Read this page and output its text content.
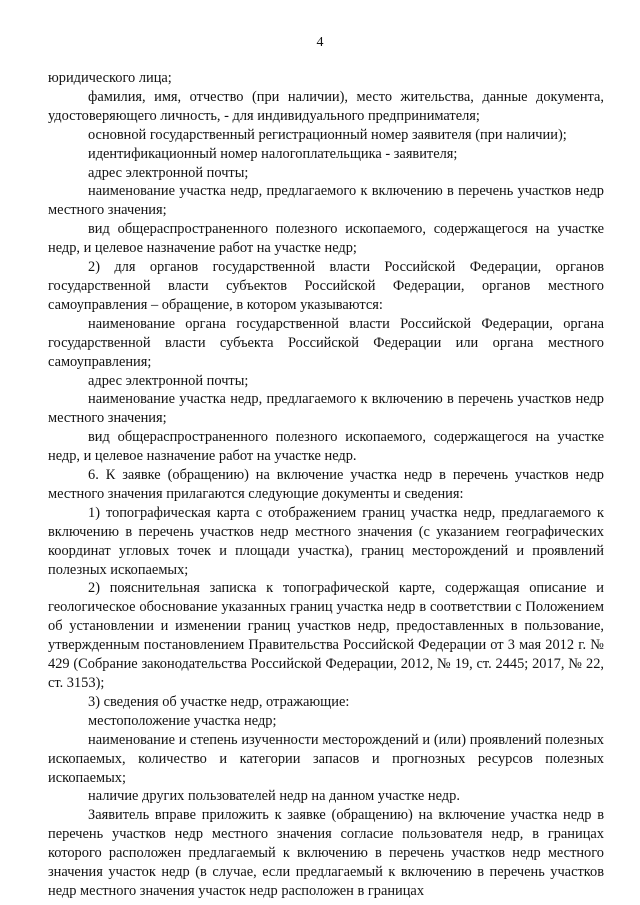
4

юридического лица;

фамилия, имя, отчество (при наличии), место жительства, данные документа, удостоверяющего личность, - для индивидуального предпринимателя;

основной государственный регистрационный номер заявителя (при наличии);

идентификационный номер налогоплательщика - заявителя;

адрес электронной почты;

наименование участка недр, предлагаемого к включению в перечень участков недр местного значения;

вид общераспространенного полезного ископаемого, содержащегося на участке недр, и целевое назначение работ на участке недр;

2) для органов государственной власти Российской Федерации, органов государственной власти субъектов Российской Федерации, органов местного самоуправления – обращение, в котором указываются:

наименование органа государственной власти Российской Федерации, органа государственной власти субъекта Российской Федерации или органа местного самоуправления;

адрес электронной почты;

наименование участка недр, предлагаемого к включению в перечень участков недр местного значения;

вид общераспространенного полезного ископаемого, содержащегося на участке недр, и целевое назначение работ на участке недр.

6. К заявке (обращению) на включение участка недр в перечень участков недр местного значения прилагаются следующие документы и сведения:

1) топографическая карта с отображением границ участка недр, предлагаемого к включению в перечень участков недр местного значения (с указанием географических координат угловых точек и площади участка), границ месторождений и проявлений полезных ископаемых;

2) пояснительная записка к топографической карте, содержащая описание и геологическое обоснование указанных границ участка недр в соответствии с Положением об установлении и изменении границ участков недр, предоставленных в пользование, утвержденным постановлением Правительства Российской Федерации от 3 мая 2012 г. № 429 (Собрание законодательства Российской Федерации, 2012, № 19, ст. 2445; 2017, № 22, ст. 3153);

3) сведения об участке недр, отражающие:

местоположение участка недр;

наименование и степень изученности месторождений и (или) проявлений полезных ископаемых, количество и категории запасов и прогнозных ресурсов полезных ископаемых;

наличие других пользователей недр на данном участке недр.

Заявитель вправе приложить к заявке (обращению) на включение участка недр в перечень участков недр местного значения согласие пользователя недр, в границах которого расположен предлагаемый к включению в перечень участков недр местного значения участок недр (в случае, если предлагаемый к включению в перечень участков недр местного значения участок недр расположен в границах
